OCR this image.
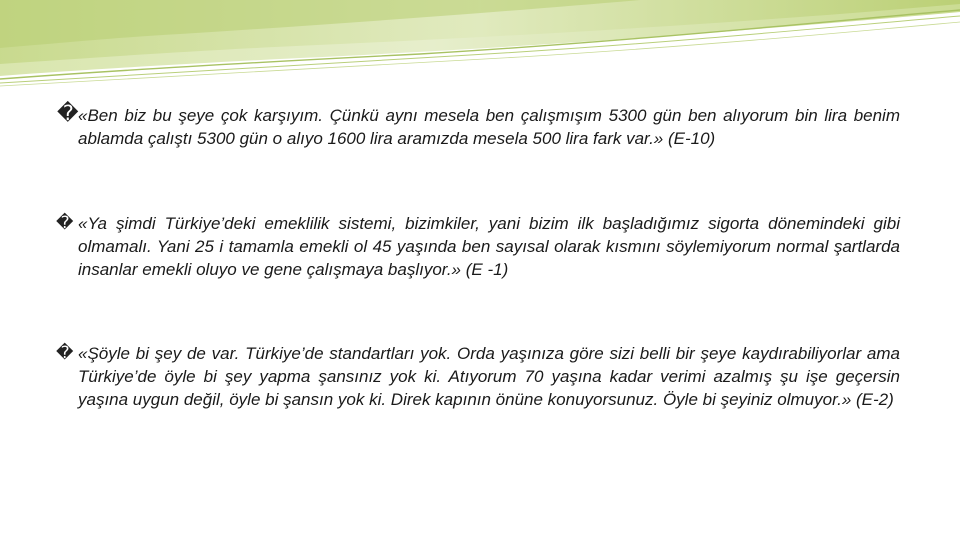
� «Ben biz bu şeye çok karşıyım. Çünkü aynı mesela ben çalışmışım 5300 gün ben alıyorum bin lira benim ablamda çalıştı 5300 gün o alıyo 1600 lira aramızda mesela 500 lira fark var.» (E-10)
� «Ya şimdi Türkiye’deki emeklilik sistemi, bizimkiler, yani bizim ilk başladığımız sigorta dönemindeki gibi olmamalı. Yani 25 i tamamla emekli ol 45 yaşında ben sayısal olarak kısmını söylemiyorum normal şartlarda insanlar emekli oluyo ve gene çalışmaya başlıyor.» (E -1)
� «Şöyle bi şey de var. Türkiye’de standartları yok. Orda yaşınıza göre sizi belli bir şeye kaydırabiliyorlar ama Türkiye’de öyle bi şey yapma şansınız yok ki. Atıyorum 70 yaşına kadar verimi azalmış şu işe geçersin yaşına uygun değil, öyle bi şansın yok ki. Direk kapının önüne konuyorsunuz. Öyle bi şeyiniz olmuyor.» (E-2)
